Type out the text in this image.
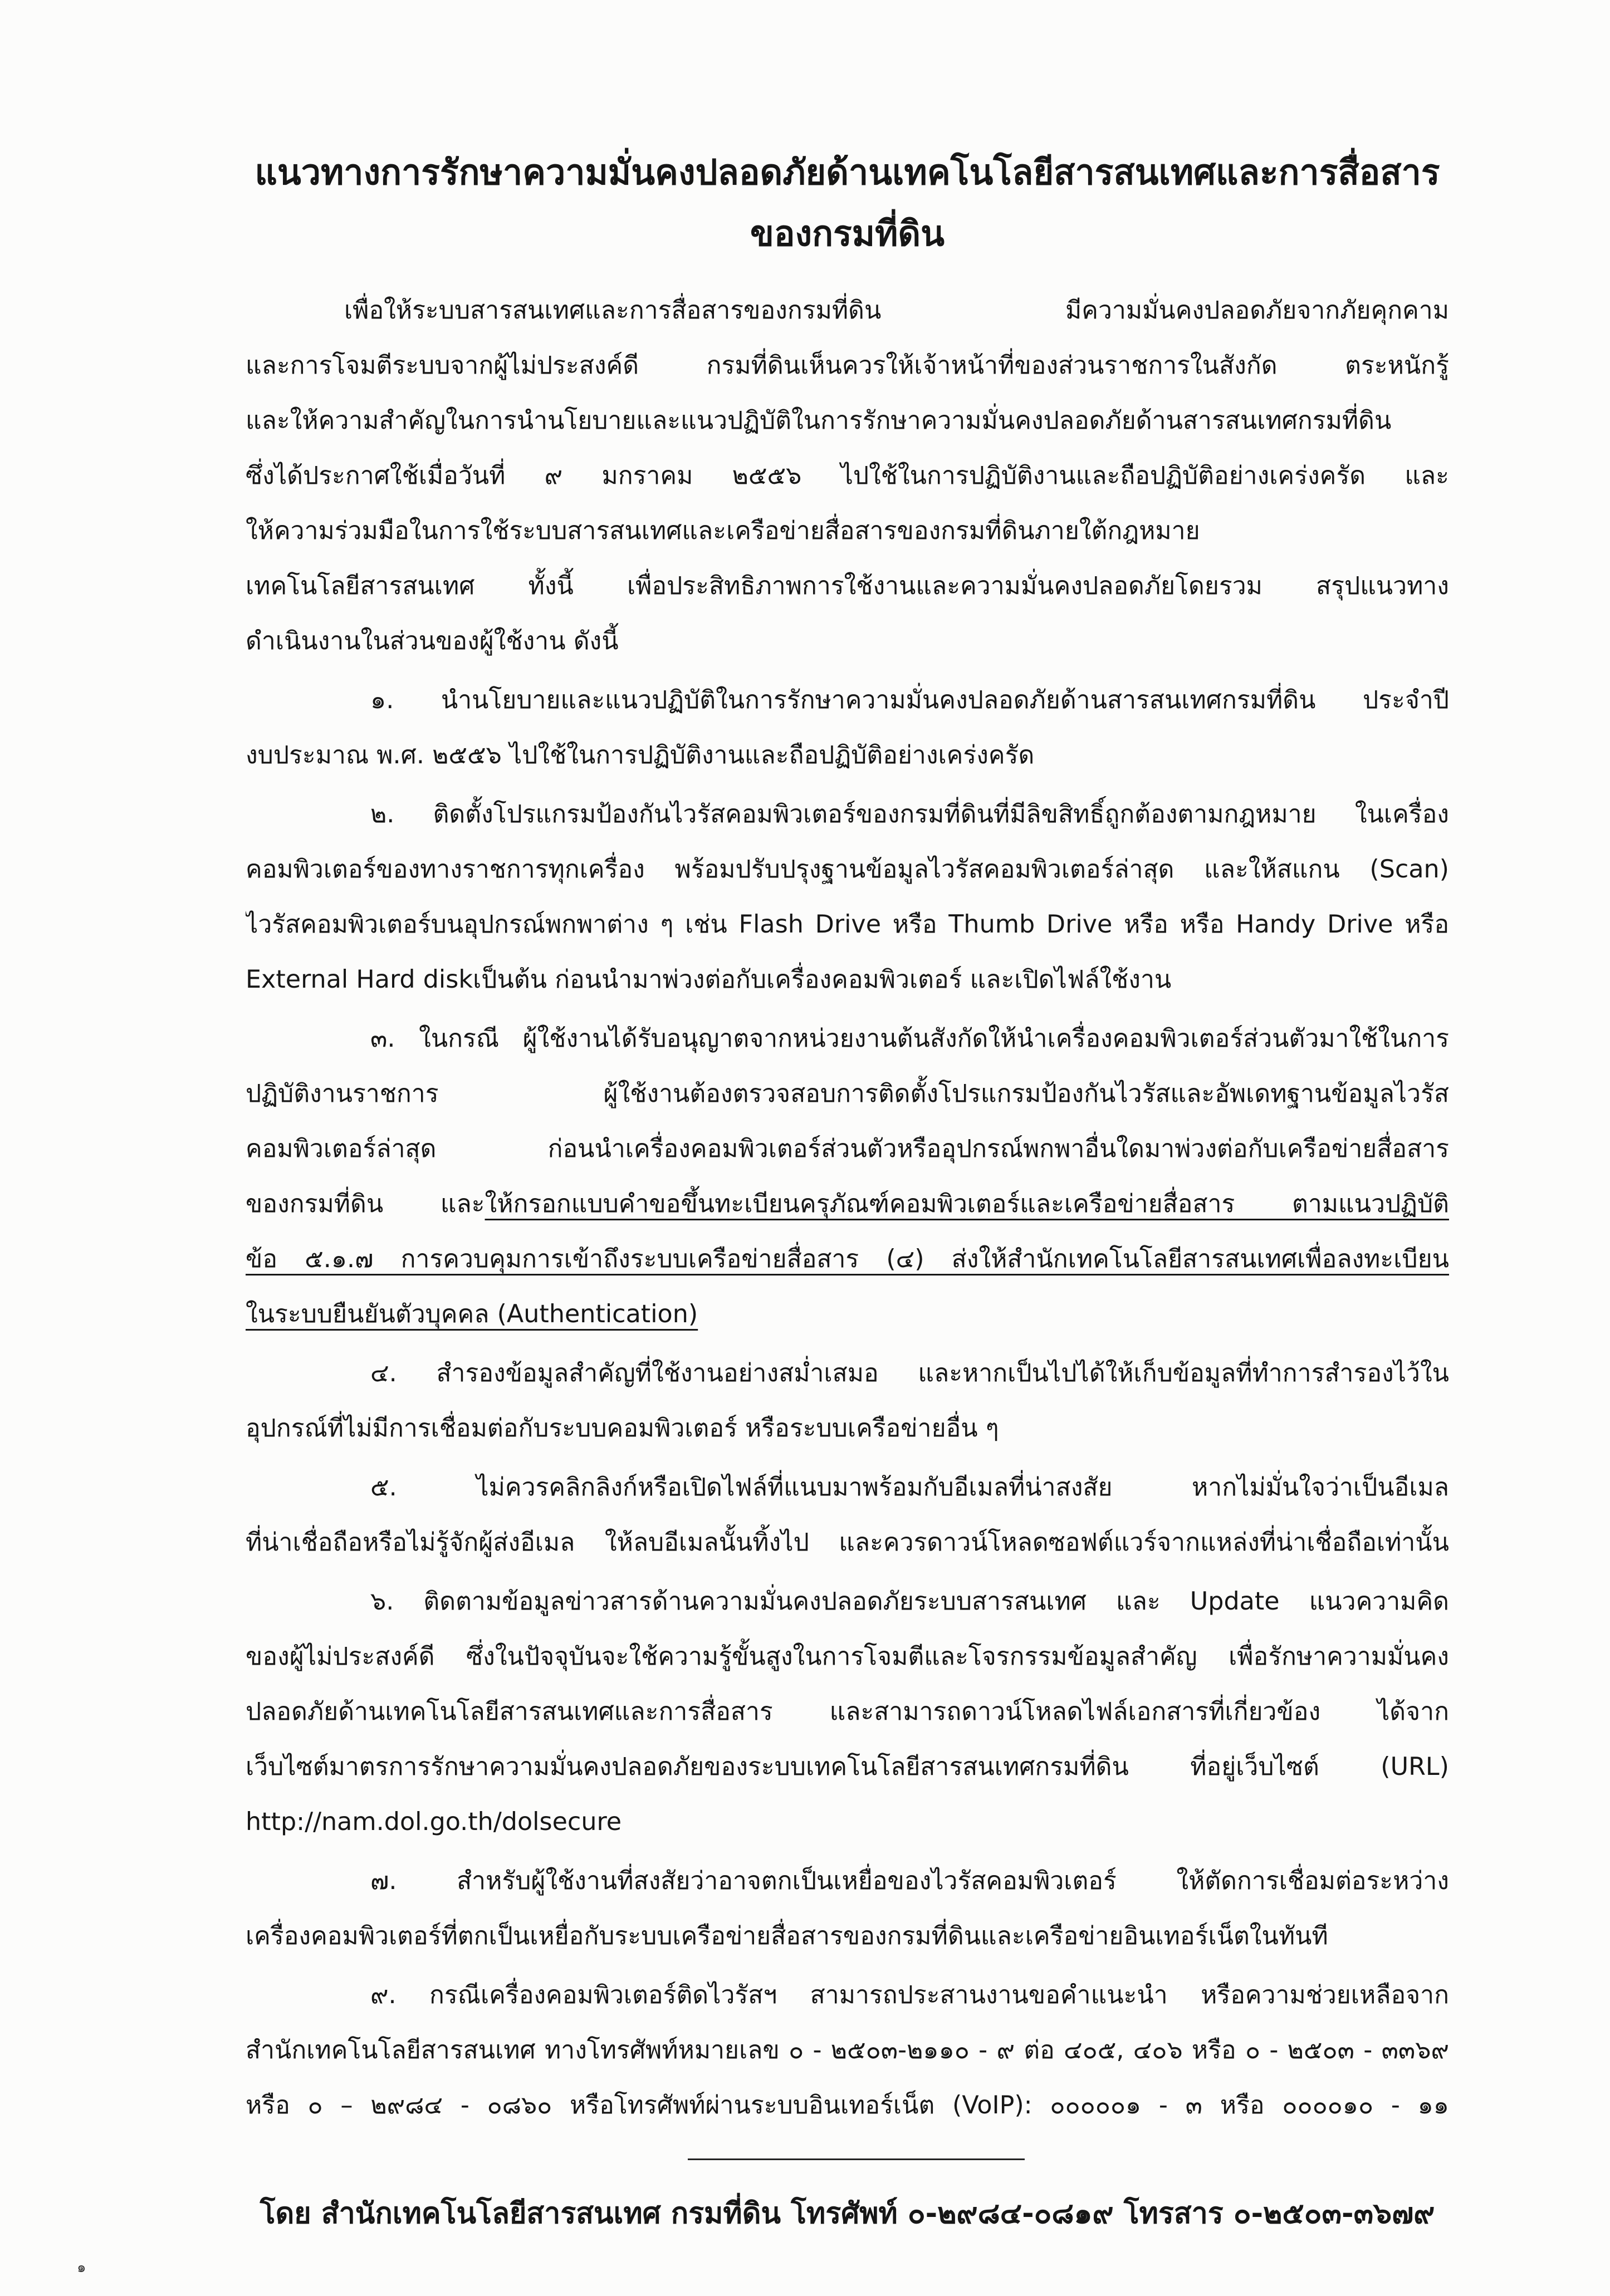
แนวทางการรักษาความมั่นคงปลอดภัยด้านเทคโนโลยีสารสนเทศและการสื่อสาร
ของกรมที่ดิน
เพื่อให้ระบบสารสนเทศและการสื่อสารของกรมที่ดิน มีความมั่นคงปลอดภัยจากภัยคุกคาม
และการโจมตีระบบจากผู้ไม่ประสงค์ดี กรมที่ดินเห็นควรให้เจ้าหน้าที่ของส่วนราชการในสังกัด ตระหนักรู้
และให้ความสำคัญในการนำนโยบายและแนวปฏิบัติในการรักษาความมั่นคงปลอดภัยด้านสารสนเทศกรมที่ดิน
ซึ่งได้ประกาศใช้เมื่อวันที่ ๙ มกราคม ๒๕๕๖ ไปใช้ในการปฏิบัติงานและถือปฏิบัติอย่างเคร่งครัด และ
ให้ความร่วมมือในการใช้ระบบสารสนเทศและเครือข่ายสื่อสารของกรมที่ดินภายใต้กฎหมาย
เทคโนโลยีสารสนเทศ ทั้งนี้ เพื่อประสิทธิภาพการใช้งานและความมั่นคงปลอดภัยโดยรวม สรุปแนวทาง
ดำเนินงานในส่วนของผู้ใช้งาน ดังนี้
๑. นำนโยบายและแนวปฏิบัติในการรักษาความมั่นคงปลอดภัยด้านสารสนเทศกรมที่ดิน ประจำปี
งบประมาณ พ.ศ. ๒๕๕๖ ไปใช้ในการปฏิบัติงานและถือปฏิบัติอย่างเคร่งครัด
๒. ติดตั้งโปรแกรมป้องกันไวรัสคอมพิวเตอร์ของกรมที่ดินที่มีลิขสิทธิ์ถูกต้องตามกฎหมาย ในเครื่อง
คอมพิวเตอร์ของทางราชการทุกเครื่อง พร้อมปรับปรุงฐานข้อมูลไวรัสคอมพิวเตอร์ล่าสุด และให้สแกน (Scan)
ไวรัสคอมพิวเตอร์บนอุปกรณ์พกพาต่าง ๆ เช่น Flash Drive หรือ Thumb Drive หรือ หรือ Handy Drive หรือ
External Hard diskเป็นต้น ก่อนนำมาพ่วงต่อกับเครื่องคอมพิวเตอร์ และเปิดไฟล์ใช้งาน
๓. ในกรณี ผู้ใช้งานได้รับอนุญาตจากหน่วยงานต้นสังกัดให้นำเครื่องคอมพิวเตอร์ส่วนตัวมาใช้ในการ
ปฏิบัติงานราชการ ผู้ใช้งานต้องตรวจสอบการติดตั้งโปรแกรมป้องกันไวรัสและอัพเดทฐานข้อมูลไวรัส
คอมพิวเตอร์ล่าสุด ก่อนนำเครื่องคอมพิวเตอร์ส่วนตัวหรืออุปกรณ์พกพาอื่นใดมาพ่วงต่อกับเครือข่ายสื่อสาร
ของกรมที่ดิน และให้กรอกแบบคำขอขึ้นทะเบียนครุภัณฑ์คอมพิวเตอร์และเครือข่ายสื่อสาร ตามแนวปฏิบัติ
ข้อ ๕.๑.๗ การควบคุมการเข้าถึงระบบเครือข่ายสื่อสาร (๔) ส่งให้สำนักเทคโนโลยีสารสนเทศเพื่อลงทะเบียน
ในระบบยืนยันตัวบุคคล (Authentication)
๔. สำรองข้อมูลสำคัญที่ใช้งานอย่างสม่ำเสมอ และหากเป็นไปได้ให้เก็บข้อมูลที่ทำการสำรองไว้ใน
อุปกรณ์ที่ไม่มีการเชื่อมต่อกับระบบคอมพิวเตอร์ หรือระบบเครือข่ายอื่น ๆ
๕.	ไม่ควรคลิกลิงก์หรือเปิดไฟล์ที่แนบมาพร้อมกับอีเมลที่น่าสงสัย หากไม่มั่นใจว่าเป็นอีเมล
ที่น่าเชื่อถือหรือไม่รู้จักผู้ส่งอีเมล ให้ลบอีเมลนั้นทิ้งไป และควรดาวน์โหลดซอฟต์แวร์จากแหล่งที่น่าเชื่อถือเท่านั้น
๖. ติดตามข้อมูลข่าวสารด้านความมั่นคงปลอดภัยระบบสารสนเทศ และ Update แนวความคิด
ของผู้ไม่ประสงค์ดี ซึ่งในปัจจุบันจะใช้ความรู้ขั้นสูงในการโจมตีและโจรกรรมข้อมูลสำคัญ เพื่อรักษาความมั่นคง
ปลอดภัยด้านเทคโนโลยีสารสนเทศและการสื่อสาร และสามารถดาวน์โหลดไฟล์เอกสารที่เกี่ยวข้อง ได้จาก
เว็บไซต์มาตรการรักษาความมั่นคงปลอดภัยของระบบเทคโนโลยีสารสนเทศกรมที่ดิน ที่อยู่เว็บไซต์ (URL)
http://nam.dol.go.th/dolsecure
๗. สำหรับผู้ใช้งานที่สงสัยว่าอาจตกเป็นเหยื่อของไวรัสคอมพิวเตอร์ ให้ตัดการเชื่อมต่อระหว่าง
เครื่องคอมพิวเตอร์ที่ตกเป็นเหยื่อกับระบบเครือข่ายสื่อสารของกรมที่ดินและเครือข่ายอินเทอร์เน็ตในทันที
๙. กรณีเครื่องคอมพิวเตอร์ติดไวรัสฯ สามารถประสานงานขอคำแนะนำ หรือความช่วยเหลือจาก
สำนักเทคโนโลยีสารสนเทศ ทางโทรศัพท์หมายเลข ๐ - ๒๕๐๓-๒๑๑๐ - ๙ ต่อ ๔๐๕, ๔๐๖ หรือ ๐ - ๒๕๐๓ - ๓๓๖๙
หรือ ๐ – ๒๙๘๔ - ๐๘๖๐ หรือโทรศัพท์ผ่านระบบอินเทอร์เน็ต (VoIP): ๐๐๐๐๐๑ - ๓ หรือ ๐๐๐๐๑๐ - ๑๑
โดย สำนักเทคโนโลยีสารสนเทศ กรมที่ดิน โทรศัพท์ ๐-๒๙๘๔-๐๘๑๙ โทรสาร ๐-๒๕๐๓-๓๖๗๙
๑
